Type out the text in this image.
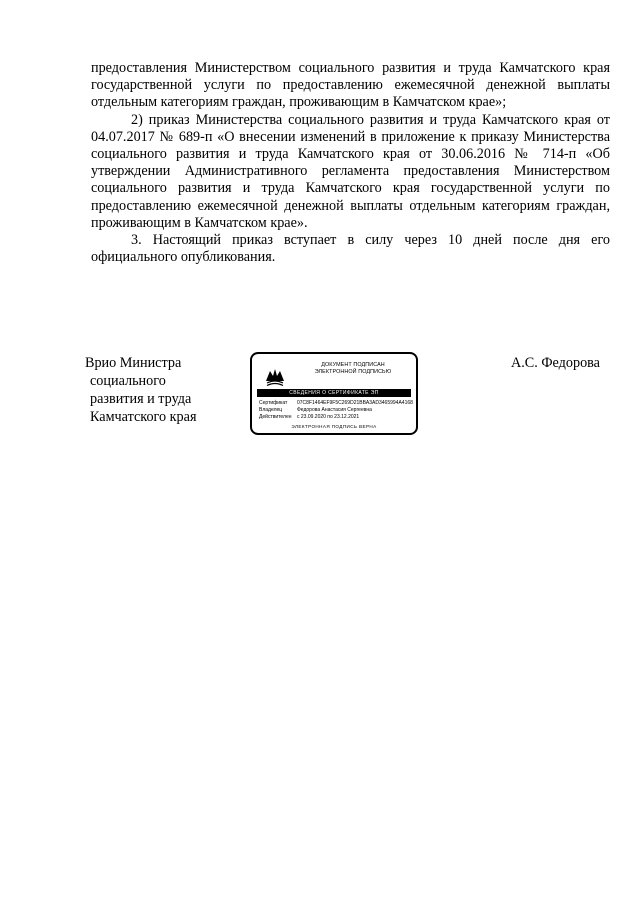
предоставления Министерством социального развития и труда Камчатского края государственной услуги по предоставлению ежемесячной денежной выплаты отдельным категориям граждан, проживающим в Камчатском крае»;

2) приказ Министерства социального развития и труда Камчатского края от 04.07.2017 № 689-п «О внесении изменений в приложение к приказу Министерства социального развития и труда Камчатского края от 30.06.2016 № 714-п «Об утверждении Административного регламента предоставления Министерством социального развития и труда Камчатского края государственной услуги по предоставлению ежемесячной денежной выплаты отдельным категориям граждан, проживающим в Камчатском крае».

3. Настоящий приказ вступает в силу через 10 дней после дня его официального опубликования.

Врио Министра
социального
развития и труда
Камчатского края
ДОКУМЕНТ ПОДПИСАН
ЭЛЕКТРОННОЙ ПОДПИСЬЮ
СВЕДЕНИЯ О СЕРТИФИКАТЕ ЭП
Сертификат	07C8F1464EF9F5C269D21BBA3AD3465994A4168
Владелец	Федорова Анастасия Сергеевна
Действителен	с 23.09.2020 по 23.12.2021
ЭЛЕКТРОННАЯ ПОДПИСЬ ВЕРНА
А.С. Федорова
